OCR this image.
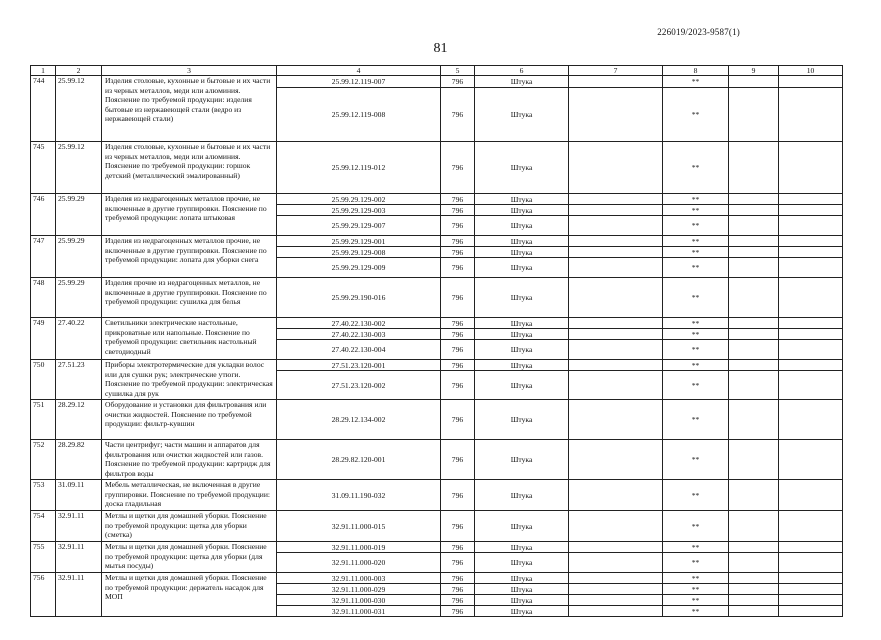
226019/2023-9587(1)
81
1	2	3	4	5	6	7	8	9	10
744	25.99.12	Изделия столовые, кухонные и бытовые и их части из черных металлов, меди или алюминия. Пояснение по требуемой продукции: изделия бытовые из нержавеющей стали (ведро из нержавеющей стали)	25.99.12.119-007	796	Штука		**		
			25.99.12.119-008	796	Штука		**		
745	25.99.12	Изделия столовые, кухонные и бытовые и их части из черных металлов, меди или алюминия. Пояснение по требуемой продукции: горшок детский (металлический эмалированный)	25.99.12.119-012	796	Штука		**		
746	25.99.29	Изделия из недрагоценных металлов прочие, не включенные в другие группировки. Пояснение по требуемой продукции: лопата штыковая	25.99.29.129-002	796	Штука		**		
			25.99.29.129-003	796	Штука		**		
			25.99.29.129-007	796	Штука		**		
747	25.99.29	Изделия из недрагоценных металлов прочие, не включенные в другие группировки. Пояснение по требуемой продукции: лопата для уборки снега	25.99.29.129-001	796	Штука		**		
			25.99.29.129-008	796	Штука		**		
			25.99.29.129-009	796	Штука		**		
748	25.99.29	Изделия прочие из недрагоценных металлов, не включенные в другие группировки. Пояснение по требуемой продукции: сушилка для белья	25.99.29.190-016	796	Штука		**		
749	27.40.22	Светильники электрические настольные, прикроватные или напольные. Пояснение по требуемой продукции: светильник настольный светодиодный	27.40.22.130-002	796	Штука		**		
			27.40.22.130-003	796	Штука		**		
			27.40.22.130-004	796	Штука		**		
750	27.51.23	Приборы электротермические для укладки волос или для сушки рук; электрические утюги. Пояснение по требуемой продукции: электрическая сушилка для рук	27.51.23.120-001	796	Штука		**		
			27.51.23.120-002	796	Штука		**		
751	28.29.12	Оборудование и установки для фильтрования или очистки жидкостей. Пояснение по требуемой продукции: фильтр-кувшин	28.29.12.134-002	796	Штука		**		
752	28.29.82	Части центрифуг; части машин и аппаратов для фильтрования или очистки жидкостей или газов. Пояснение по требуемой продукции: картридж для фильтров воды	28.29.82.120-001	796	Штука		**		
753	31.09.11	Мебель металлическая, не включенная в другие группировки. Пояснение по требуемой продукции: доска гладильная	31.09.11.190-032	796	Штука		**		
754	32.91.11	Метлы и щетки для домашней уборки. Пояснение по требуемой продукции: щетка для уборки (сметка)	32.91.11.000-015	796	Штука		**		
755	32.91.11	Метлы и щетки для домашней уборки. Пояснение по требуемой продукции: щетка для уборки (для мытья посуды)	32.91.11.000-019	796	Штука		**		
			32.91.11.000-020	796	Штука		**		
756	32.91.11	Метлы и щетки для домашней уборки. Пояснение по требуемой продукции: держатель насадок для МОП	32.91.11.000-003	796	Штука		**		
			32.91.11.000-029	796	Штука		**		
			32.91.11.000-030	796	Штука		**		
			32.91.11.000-031	796	Штука		**		
